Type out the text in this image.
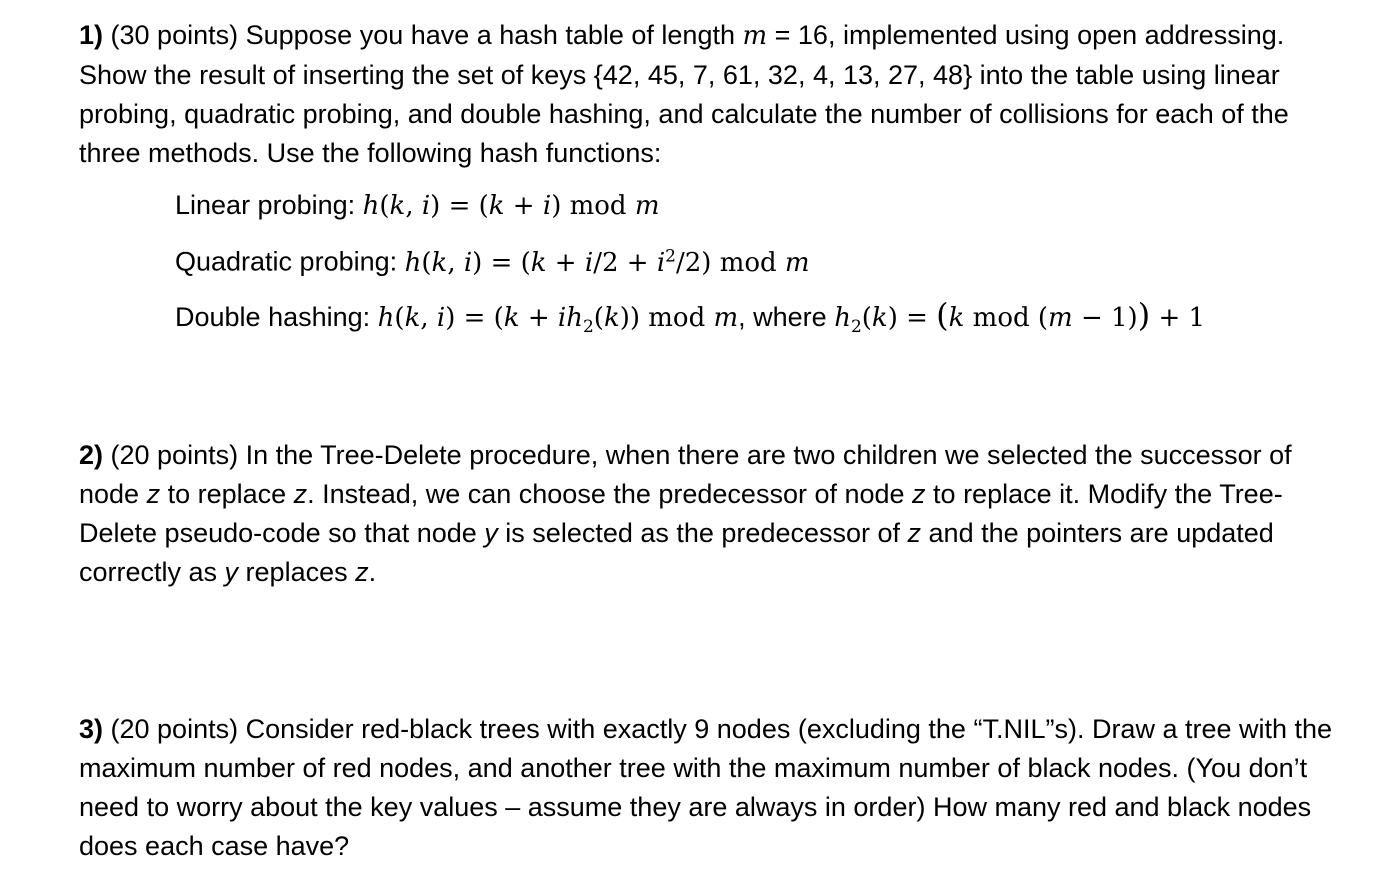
1) (30 points) Suppose you have a hash table of length m = 16, implemented using open addressing. Show the result of inserting the set of keys {42, 45, 7, 61, 32, 4, 13, 27, 48} into the table using linear probing, quadratic probing, and double hashing, and calculate the number of collisions for each of the three methods. Use the following hash functions:

Linear probing: h(k, i) = (k + i) mod m
Quadratic probing: h(k, $i) = (k + i/2 + i^2/2)$ mod m
Double hashing: h(k, $i) = (k + ih_2(k))$ mod m, where $h_2(k) = (k$ mod (m − 1)) + 1

2) (20 points) In the Tree-Delete procedure, when there are two children we selected the successor of node z to replace z. Instead, we can choose the predecessor of node z to replace it. Modify the Tree-Delete pseudo-code so that node y is selected as the predecessor of z and the pointers are updated correctly as y replaces z.

3) (20 points) Consider red-black trees with exactly 9 nodes (excluding the “T.NIL”s). Draw a tree with the maximum number of red nodes, and another tree with the maximum number of black nodes. (You don’t need to worry about the key values – assume they are always in order) How many red and black nodes does each case have?
